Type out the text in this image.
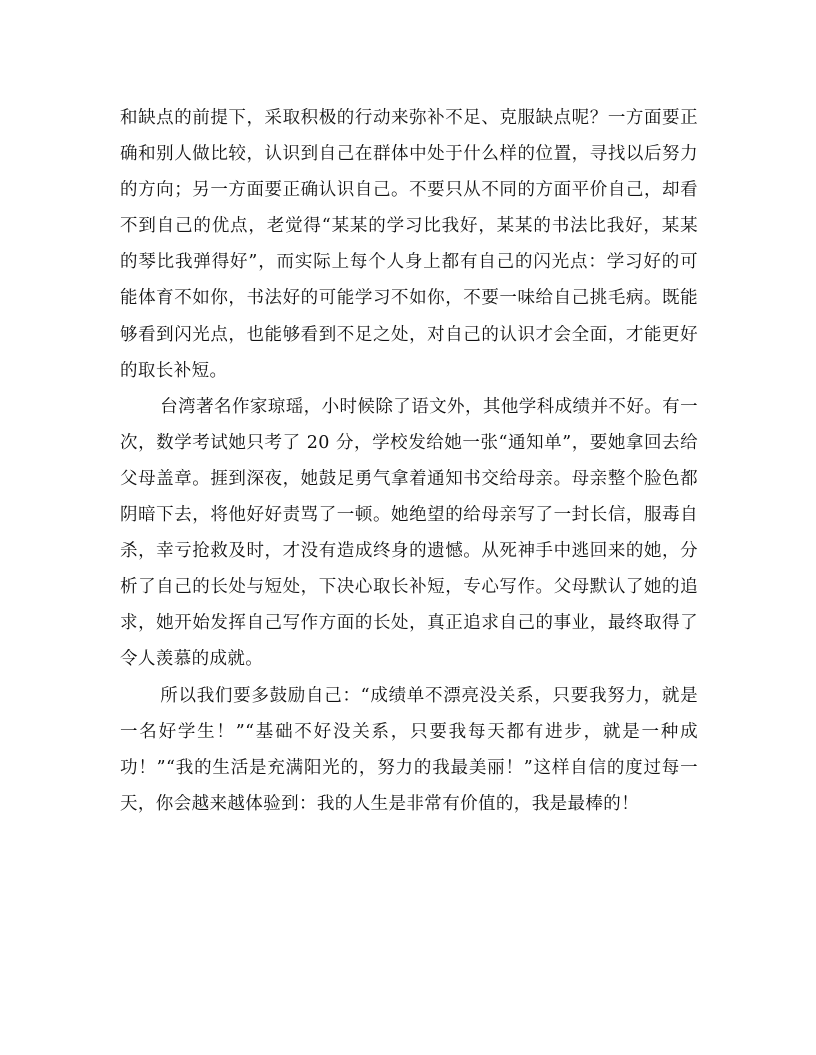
和缺点的前提下，采取积极的行动来弥补不足、克服缺点呢？一方面要正确和别人做比较，认识到自己在群体中处于什么样的位置，寻找以后努力的方向；另一方面要正确认识自己。不要只从不同的方面平价自己，却看不到自己的优点，老觉得“某某的学习比我好，某某的书法比我好，某某的琴比我弹得好”，而实际上每个人身上都有自己的闪光点：学习好的可能体育不如你，书法好的可能学习不如你，不要一味给自己挑毛病。既能够看到闪光点，也能够看到不足之处，对自己的认识才会全面，才能更好的取长补短。

台湾著名作家琼瑶，小时候除了语文外，其他学科成绩并不好。有一次，数学考试她只考了 20 分，学校发给她一张“通知单”，要她拿回去给父母盖章。捱到深夜，她鼓足勇气拿着通知书交给母亲。母亲整个脸色都阴暗下去，将他好好责骂了一顿。她绝望的给母亲写了一封长信，服毒自杀，幸亏抢救及时，才没有造成终身的遗憾。从死神手中逃回来的她，分析了自己的长处与短处，下决心取长补短，专心写作。父母默认了她的追求，她开始发挥自己写作方面的长处，真正追求自己的事业，最终取得了令人羡慕的成就。

所以我们要多鼓励自己：“成绩单不漂亮没关系，只要我努力，就是一名好学生！”“基础不好没关系，只要我每天都有进步，就是一种成功！”“我的生活是充满阳光的，努力的我最美丽！”这样自信的度过每一天，你会越来越体验到：我的人生是非常有价值的，我是最棒的！
